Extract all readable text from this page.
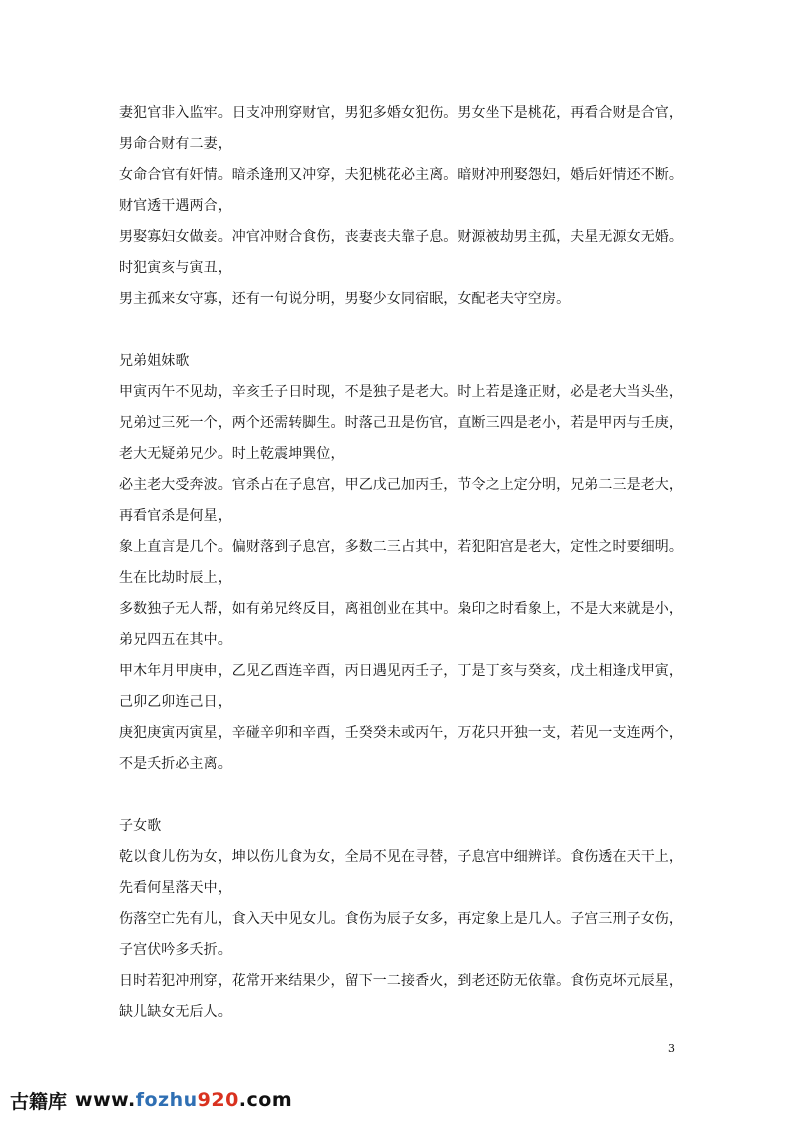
妻犯官非入监牢。日支冲刑穿财官，男犯多婚女犯伤。男女坐下是桃花，再看合财是合官，

男命合财有二妻，

女命合官有奸情。暗杀逢刑又冲穿，夫犯桃花必主离。暗财冲刑娶怨妇，婚后奸情还不断。

财官透干遇两合，

男娶寡妇女做妾。冲官冲财合食伤，丧妻丧夫靠子息。财源被劫男主孤，夫星无源女无婚。

时犯寅亥与寅丑，

男主孤来女守寡，还有一句说分明，男娶少女同宿眠，女配老夫守空房。

兄弟姐妹歌

甲寅丙午不见劫，辛亥壬子日时现，不是独子是老大。时上若是逢正财，必是老大当头坐，

兄弟过三死一个，两个还需转脚生。时落己丑是伤官，直断三四是老小，若是甲丙与壬庚，

老大无疑弟兄少。时上乾震坤巽位，

必主老大受奔波。官杀占在子息宫，甲乙戊己加丙壬，节令之上定分明，兄弟二三是老大，

再看官杀是何星，

象上直言是几个。偏财落到子息宫，多数二三占其中，若犯阳宫是老大，定性之时要细明。

生在比劫时辰上，

多数独子无人帮，如有弟兄终反目，离祖创业在其中。枭印之时看象上，不是大来就是小，

弟兄四五在其中。

甲木年月甲庚申，乙见乙酉连辛酉，丙日遇见丙壬子，丁是丁亥与癸亥，戊土相逢戊甲寅，

己卯乙卯连己日，

庚犯庚寅丙寅星，辛碰辛卯和辛酉，壬癸癸未或丙午，万花只开独一支，若见一支连两个，

不是夭折必主离。

子女歌

乾以食儿伤为女，坤以伤儿食为女，全局不见在寻替，子息宫中细辨详。食伤透在天干上，

先看何星落天中，

伤落空亡先有儿，食入天中见女儿。食伤为辰子女多，再定象上是几人。子宫三刑子女伤，

子宫伏吟多夭折。

日时若犯冲刑穿，花常开来结果少，留下一二接香火，到老还防无依靠。食伤克坏元辰星，

缺儿缺女无后人。

3
古籍库 www.fozhu920.com
